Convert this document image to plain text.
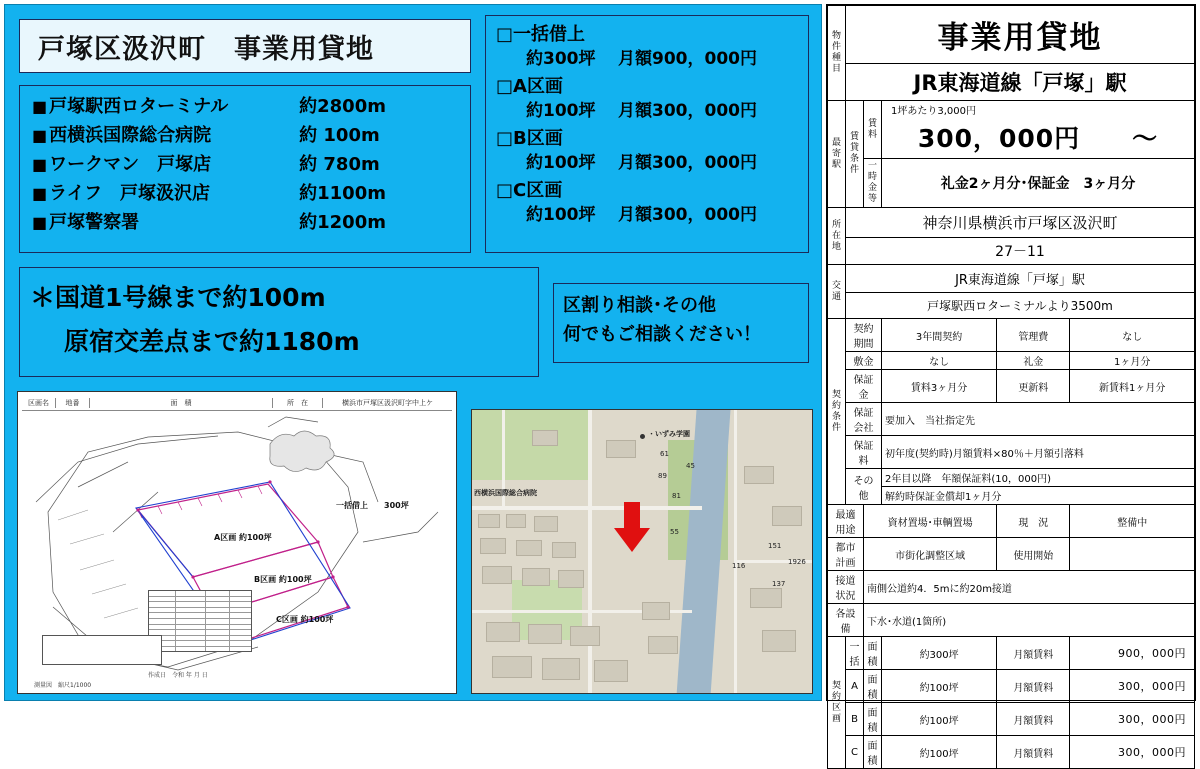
戸塚区汲沢町　事業用貸地
■ 戸塚駅西ロターミナル	約2800m
■ 西横浜国際総合病院	約 100m
■ ワークマン　戸塚店	約 780m
■ ライフ　戸塚汲沢店	約1100m
■ 戸塚警察署	約1200m
□一括借上
約300坪 月額900，000円
□A区画
約100坪 月額300，000円
□B区画
約100坪 月額300，000円
□C区画
約100坪 月額300，000円
＊国道1号線まで約100m
原宿交差点まで約1180m
区割り相談･その他
何でもご相談ください！
区画名	地番	面　積	所　在	横浜市戸塚区汲沢町字中上ケ
一括借上　　300坪
A区画 約100坪
B区画 約100坪
C区画 約100坪
測量図　縮尺1/1000
作成日　令和 年 月 日
・いずみ学園
西横浜国際総合病院
55
151
116
137
1926
45
89
81
61
物件種目	事業用貸地				
	JR東海道線「戸塚」駅				

最寄駅	賃貸条件	賃料	1坪あたり3,000円
300，000円　　〜		

		一時金等	礼金2ヶ月分･保証金　3ヶ月分		

所在地	神奈川県横浜市戸塚区汲沢町				
	27－11				

交通	JR東海道線「戸塚」駅				
	戸塚駅西ロターミナルより3500m				

契約条件	契約期間		3年間契約	管理費	なし
	敷金		なし	礼金	1ヶ月分
	保証金		賃料3ヶ月分	更新料	新賃料1ヶ月分
	保証会社		要加入　当社指定先		
	保証料		初年度(契約時)月額賃料×80％＋月額引落料		
	その他		2年目以降　年額保証料(10，000円)		
			解約時保証金償却1ヶ月分		
最適用途		資材置場･車輌置場		現　況	整備中
都市計画		市街化調整区域		使用開始	
接道状況		南側公道約4．5mに約20m接道			
各設備		下水･水道(1箇所)			

契約区画	一括	面積	約300坪	月額賃料	900，000円
	A	面積	約100坪	月額賃料	300，000円
	B	面積	約100坪	月額賃料	300，000円
	C	面積	約100坪	月額賃料	300，000円
